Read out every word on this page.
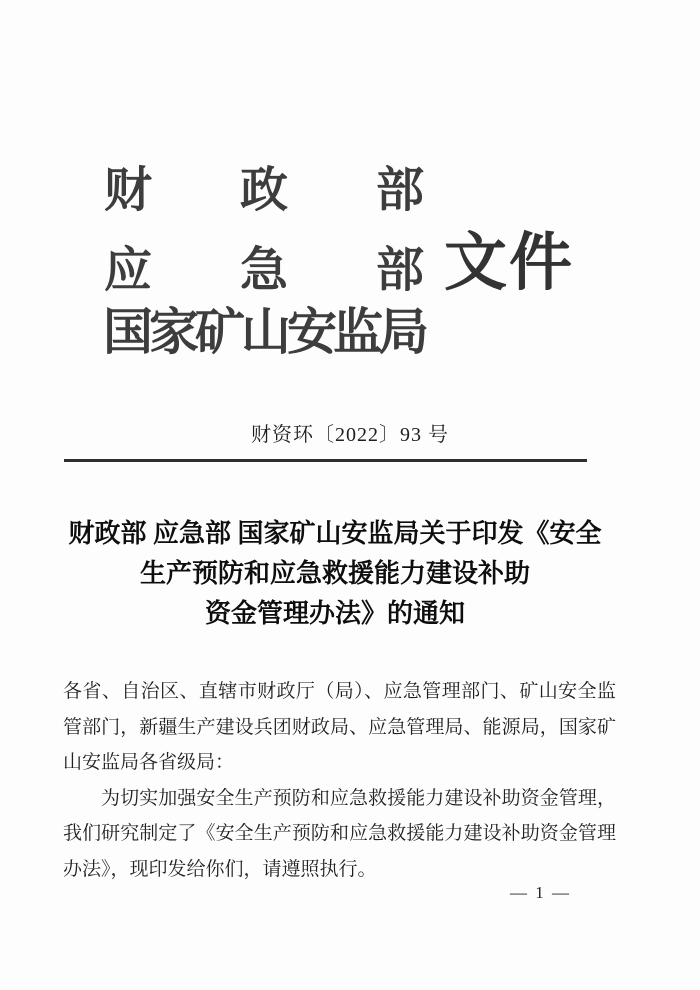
财 政 部
应 急 部 文件
国家矿山安监局
财资环〔2022〕93 号
财政部 应急部 国家矿山安监局关于印发《安全
生产预防和应急救援能力建设补助
资金管理办法》的通知

各省、自治区、直辖市财政厅（局）、应急管理部门、矿山安全监管部门，新疆生产建设兵团财政局、应急管理局、能源局，国家矿山安监局各省级局：

为切实加强安全生产预防和应急救援能力建设补助资金管理，我们研究制定了《安全生产预防和应急救援能力建设补助资金管理办法》，现印发给你们，请遵照执行。

— 1 —
